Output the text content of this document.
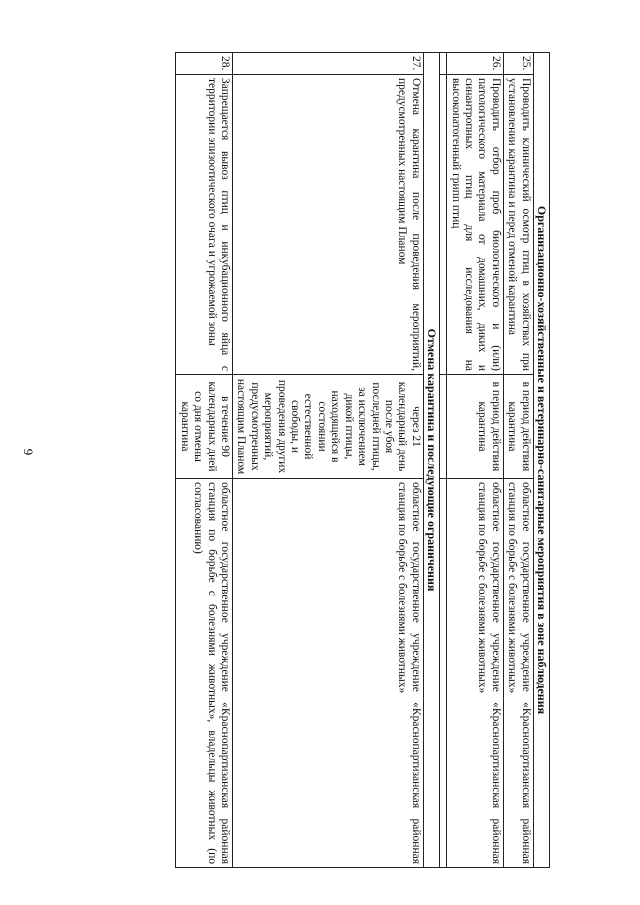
9	Организационно-хозяйственные и ветеринарно-санитарные мероприятия в зоне наблюдения			
25.	Проводить клинический осмотр птиц в хозяйствах при установлении карантина и перед отменой карантина	в период действия карантина	областное государственное учреждение «Краснопартизанская районная станция по борьбе с болезнями животных»
26.	Проводить отбор проб биологического и (или) патологического материала от домашних, диких и синантропных птиц для исследования на высокопатогенный грипп птиц	в период действия карантина	областное государственное учреждение «Краснопартизанская районная станция по борьбе с болезнями животных»

Отмена карантина и последующие ограничения			
27.	Отмена карантина после проведения мероприятий, предусмотренных настоящим Планом	через 21 календарный день после убоя последней птицы, за исключением дикой птицы, находящейся в состоянии естественной свободы, и проведения других мероприятий, предусмотренных настоящим Планом	областное государственное учреждение «Краснопартизанская районная станция по борьбе с болезнями животных»
28.	Запрещается вывоз птиц и инкубационного яйца с территории эпизоотического очага и угрожаемой зоны	в течение 90 календарных дней со дня отмены карантина	областное государственное учреждение «Краснопартизанская районная станция по борьбе с болезнями животных», владельцы животных (по согласованию)
